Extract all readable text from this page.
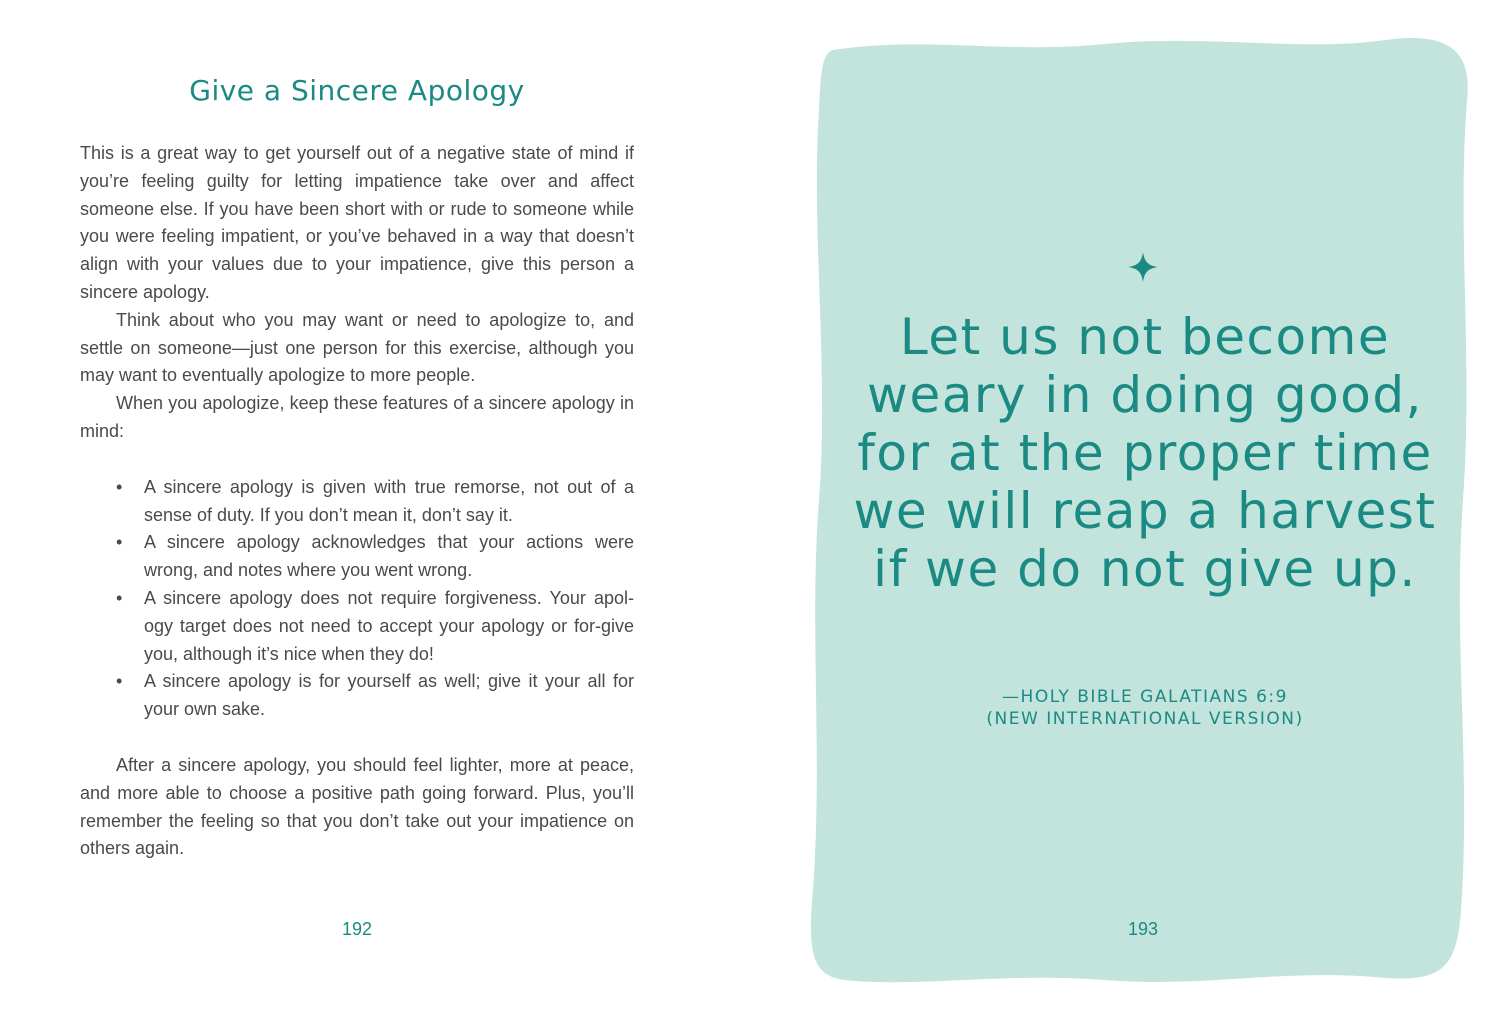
Give a Sincere Apology

This is a great way to get yourself out of a negative state of mind if you’re feeling guilty for letting impatience take over and affect someone else. If you have been short with or rude to someone while you were feeling impatient, or you’ve behaved in a way that doesn’t align with your values due to your impatience, give this person a sincere apology.

Think about who you may want or need to apologize to, and settle on someone—just one person for this exercise, although you may want to eventually apologize to more people.

When you apologize, keep these features of a sincere apology in mind:

• A sincere apology is given with true remorse, not out of a sense of duty. If you don’t mean it, don’t say it.
• A sincere apology acknowledges that your actions were wrong, and notes where you went wrong.
• A sincere apology does not require forgiveness. Your apol-ogy target does not need to accept your apology or for-give you, although it’s nice when they do!
• A sincere apology is for yourself as well; give it your all for your own sake.

After a sincere apology, you should feel lighter, more at peace, and more able to choose a positive path going forward. Plus, you’ll remember the feeling so that you don’t take out your impatience on others again.

192
Let us not become weary in doing good, for at the proper time we will reap a harvest if we do not give up.
—HOLY BIBLE GALATIANS 6:9
(NEW INTERNATIONAL VERSION)
193
